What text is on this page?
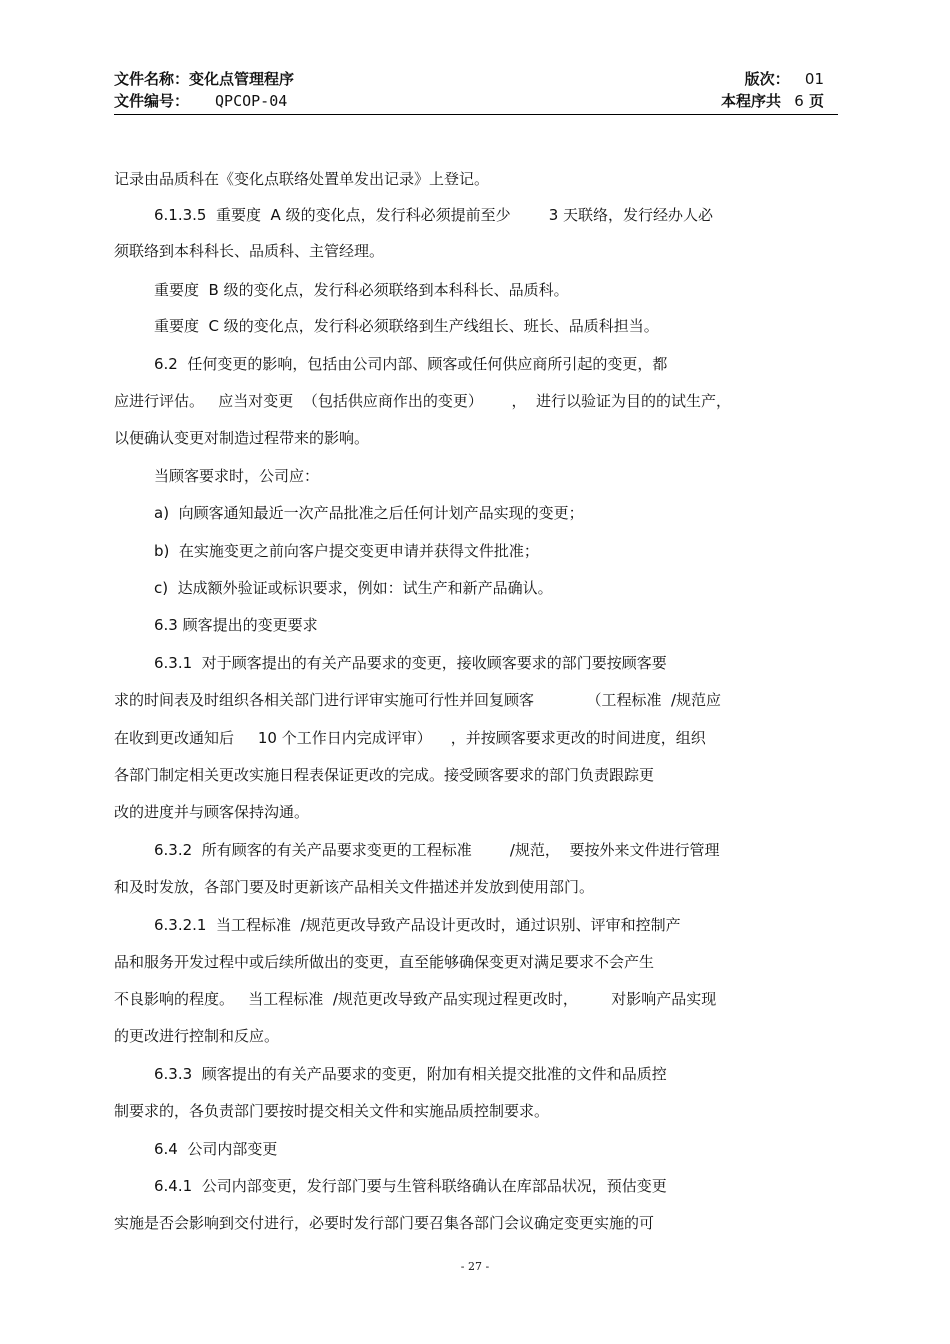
文件名称：变化点管理程序	版次： 01
文件编号： QPCOP-04	本程序共 6 页
记录由品质科在《变化点联络处置单发出记录》上登记。
6.1.3.5  重要度  A 级的变化点，发行科必须提前至少        3 天联络，发行经办人必
须联络到本科科长、品质科、主管经理。
重要度  B 级的变化点，发行科必须联络到本科科长、品质科。
重要度  C 级的变化点，发行科必须联络到生产线组长、班长、品质科担当。
6.2  任何变更的影响，包括由公司内部、顾客或任何供应商所引起的变更，都
应进行评估。   应当对变更  （包括供应商作出的变更）      ，  进行以验证为目的的试生产，
以便确认变更对制造过程带来的影响。
当顾客要求时，公司应：
a)  向顾客通知最近一次产品批准之后任何计划产品实现的变更；
b)  在实施变更之前向客户提交变更申请并获得文件批准；
c)  达成额外验证或标识要求，例如：试生产和新产品确认。
6.3 顾客提出的变更要求
6.3.1  对于顾客提出的有关产品要求的变更，接收顾客要求的部门要按顾客要
求的时间表及时组织各相关部门进行评审实施可行性并回复顾客           （工程标准  /规范应
在收到更改通知后     10 个工作日内完成评审）    ，并按顾客要求更改的时间进度，组织
各部门制定相关更改实施日程表保证更改的完成。接受顾客要求的部门负责跟踪更
改的进度并与顾客保持沟通。
6.3.2  所有顾客的有关产品要求变更的工程标准        /规范，  要按外来文件进行管理
和及时发放，各部门要及时更新该产品相关文件描述并发放到使用部门。
6.3.2.1  当工程标准  /规范更改导致产品设计更改时，通过识别、评审和控制产
品和服务开发过程中或后续所做出的变更，直至能够确保变更对满足要求不会产生
不良影响的程度。   当工程标准  /规范更改导致产品实现过程更改时，       对影响产品实现
的更改进行控制和反应。
6.3.3  顾客提出的有关产品要求的变更，附加有相关提交批准的文件和品质控
制要求的，各负责部门要按时提交相关文件和实施品质控制要求。
6.4  公司内部变更
6.4.1  公司内部变更，发行部门要与生管科联络确认在库部品状况，预估变更
实施是否会影响到交付进行，必要时发行部门要召集各部门会议确定变更实施的可
- 27 -
